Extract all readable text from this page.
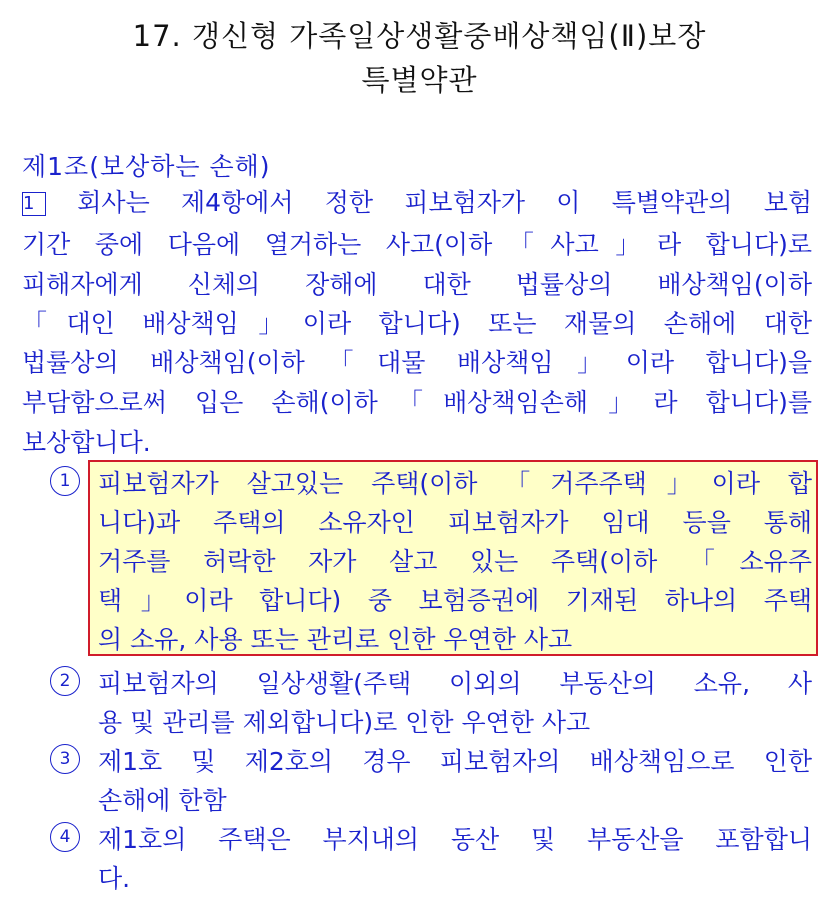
17. 갱신형 가족일상생활중배상책임(Ⅱ)보장
특별약관
제1조(보상하는 손해)
1 회사는 제4항에서 정한 피보험자가 이 특별약관의 보험
기간 중에 다음에 열거하는 사고(이하「사고」라 합니다)로
피해자에게 신체의 장해에 대한 법률상의 배상책임(이하
「대인 배상책임」이라 합니다) 또는 재물의 손해에 대한
법률상의 배상책임(이하「대물 배상책임」이라 합니다)을
부담함으로써 입은 손해(이하「배상책임손해」라 합니다)를
보상합니다.
1	피보험자가 살고있는 주택(이하 「거주주택」이라 합
니다)과 주택의 소유자인 피보험자가 임대 등을 통해
거주를 허락한 자가 살고 있는 주택(이하 「소유주
택」이라 합니다) 중 보험증권에 기재된 하나의 주택
의 소유, 사용 또는 관리로 인한 우연한 사고
2	피보험자의 일상생활(주택 이외의 부동산의 소유, 사
용 및 관리를 제외합니다)로 인한 우연한 사고
3	제1호 및 제2호의 경우 피보험자의 배상책임으로 인한
손해에 한함
4	제1호의 주택은 부지내의 동산 및 부동산을 포함합니
다.
